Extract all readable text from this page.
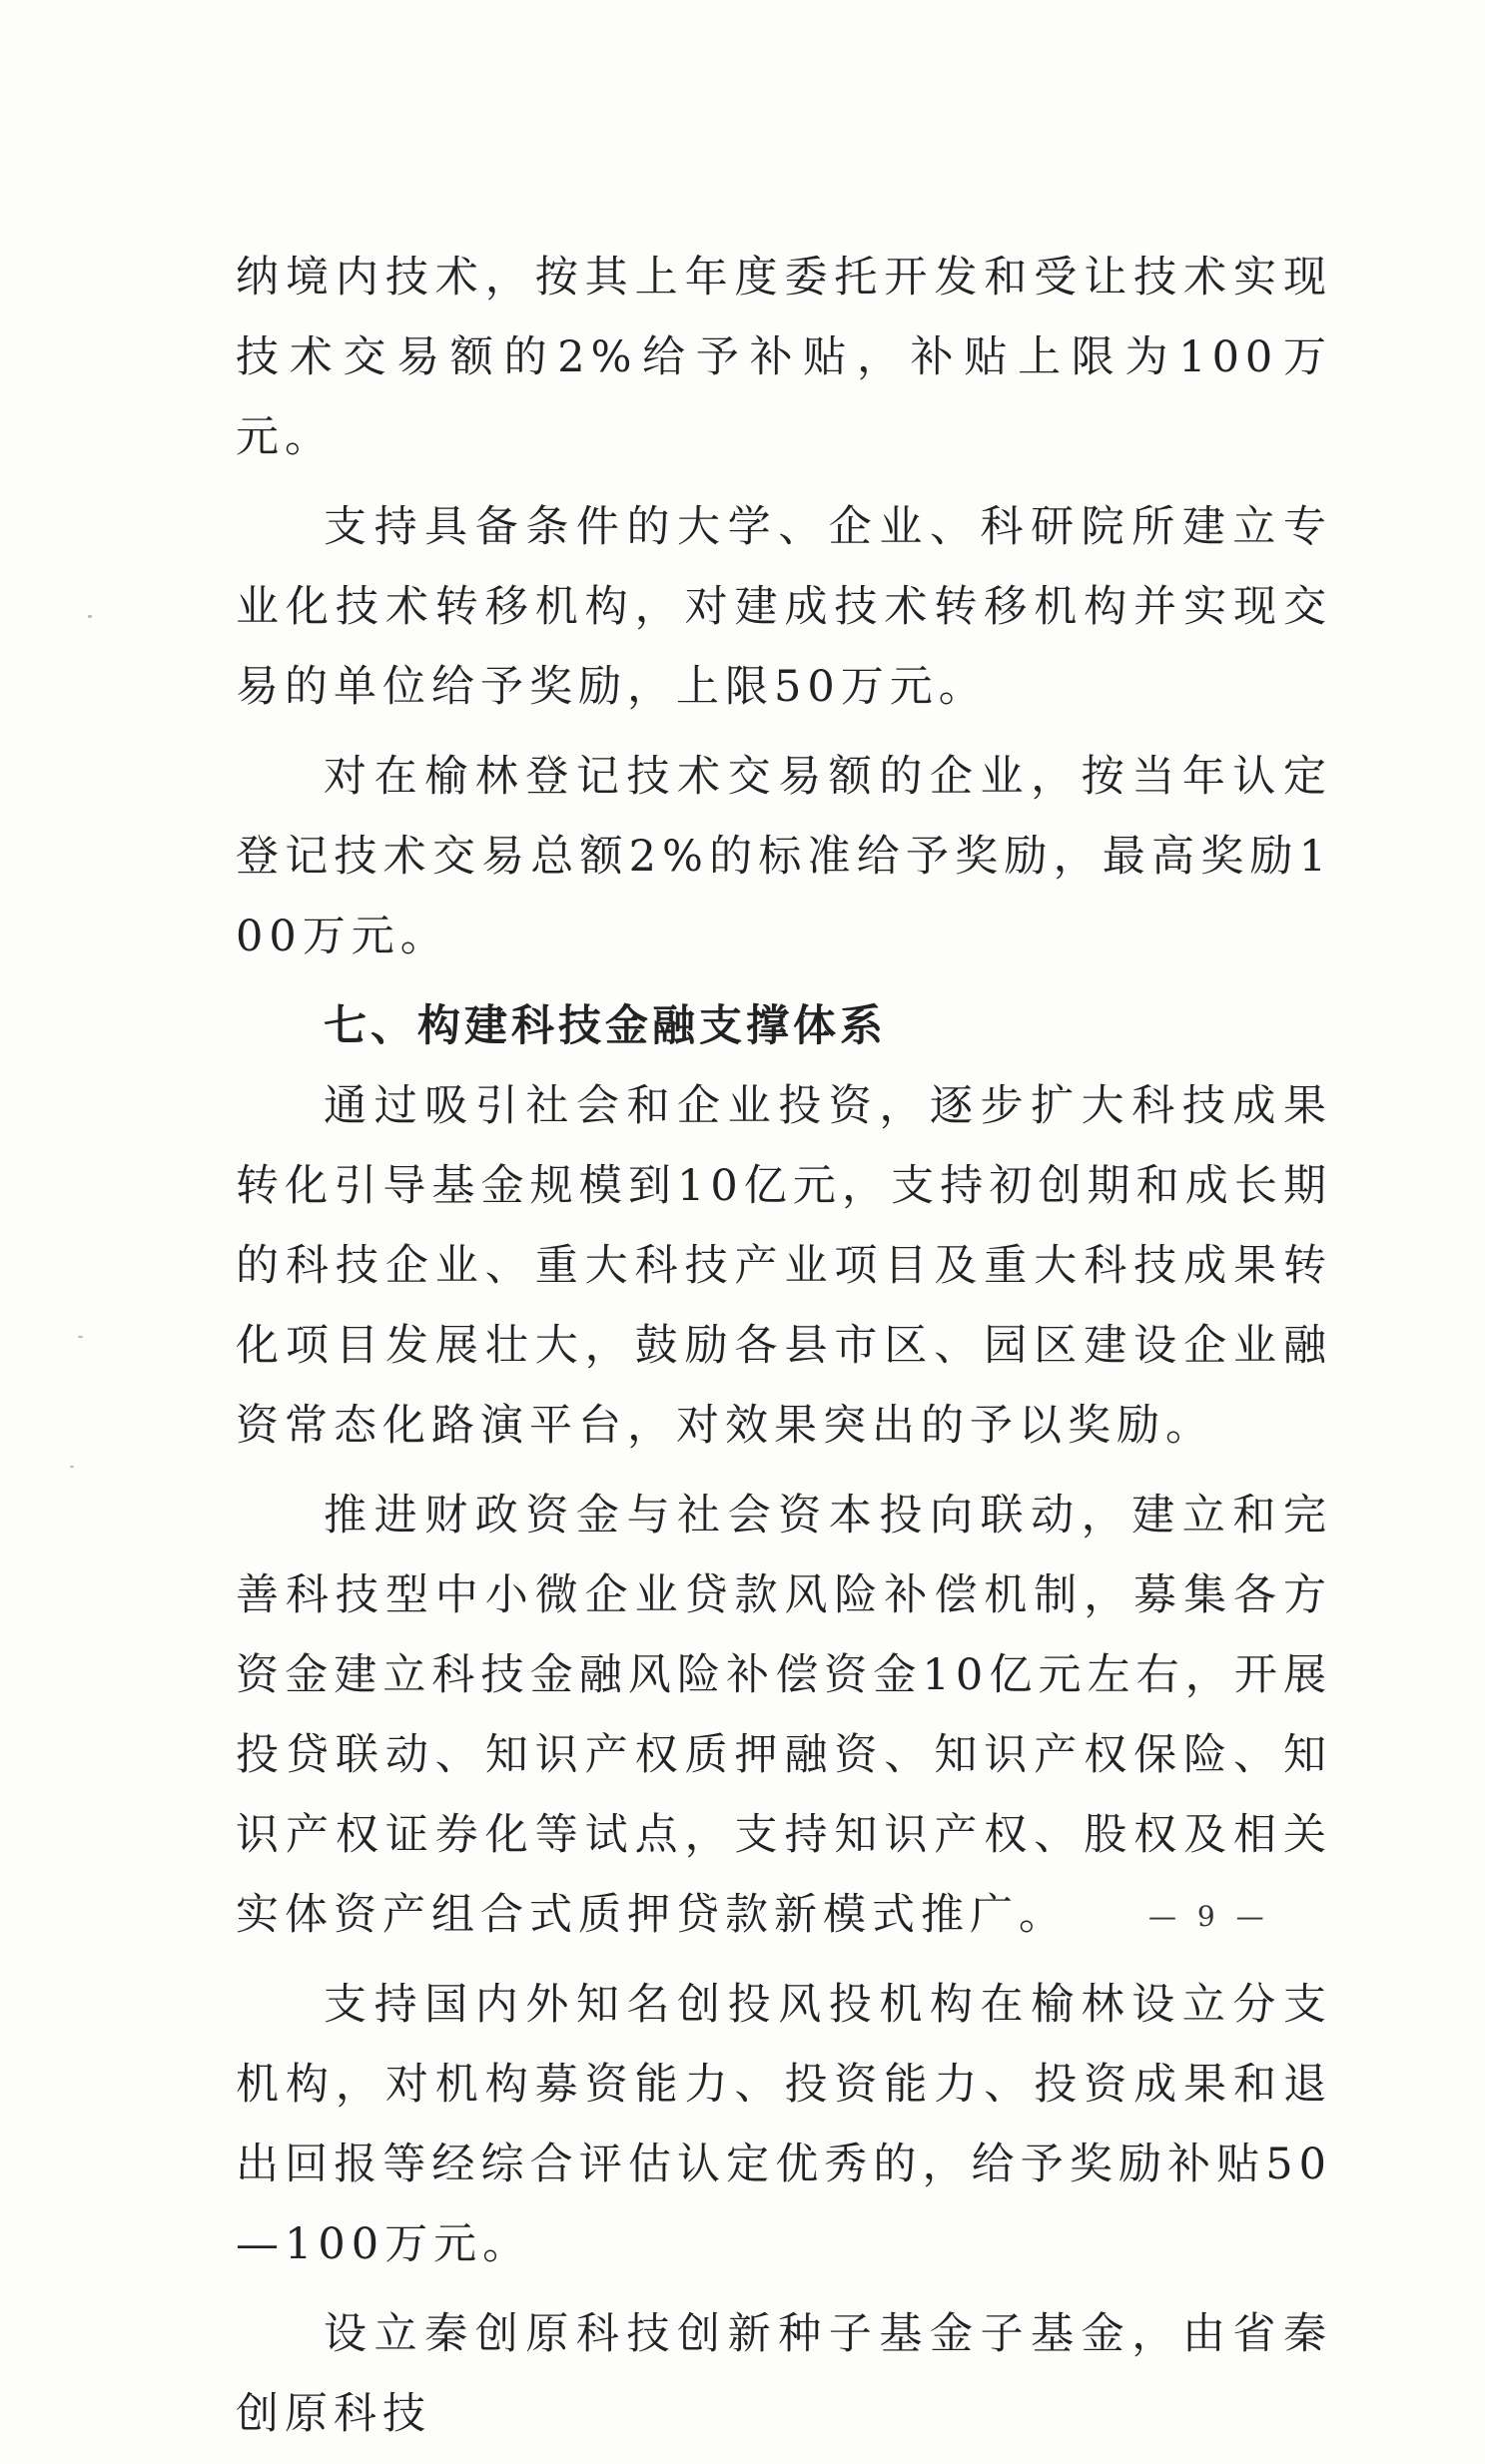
纳境内技术，按其上年度委托开发和受让技术实现技术交易额的2%给予补贴，补贴上限为100万元。

支持具备条件的大学、企业、科研院所建立专业化技术转移机构，对建成技术转移机构并实现交易的单位给予奖励，上限50万元。

对在榆林登记技术交易额的企业，按当年认定登记技术交易总额2%的标准给予奖励，最高奖励100万元。

七、构建科技金融支撑体系

通过吸引社会和企业投资，逐步扩大科技成果转化引导基金规模到10亿元，支持初创期和成长期的科技企业、重大科技产业项目及重大科技成果转化项目发展壮大，鼓励各县市区、园区建设企业融资常态化路演平台，对效果突出的予以奖励。

推进财政资金与社会资本投向联动，建立和完善科技型中小微企业贷款风险补偿机制，募集各方资金建立科技金融风险补偿资金10亿元左右，开展投贷联动、知识产权质押融资、知识产权保险、知识产权证券化等试点，支持知识产权、股权及相关实体资产组合式质押贷款新模式推广。

支持国内外知名创投风投机构在榆林设立分支机构，对机构募资能力、投资能力、投资成果和退出回报等经综合评估认定优秀的，给予奖励补贴50—100万元。

设立秦创原科技创新种子基金子基金，由省秦创原科技

— 9 —
